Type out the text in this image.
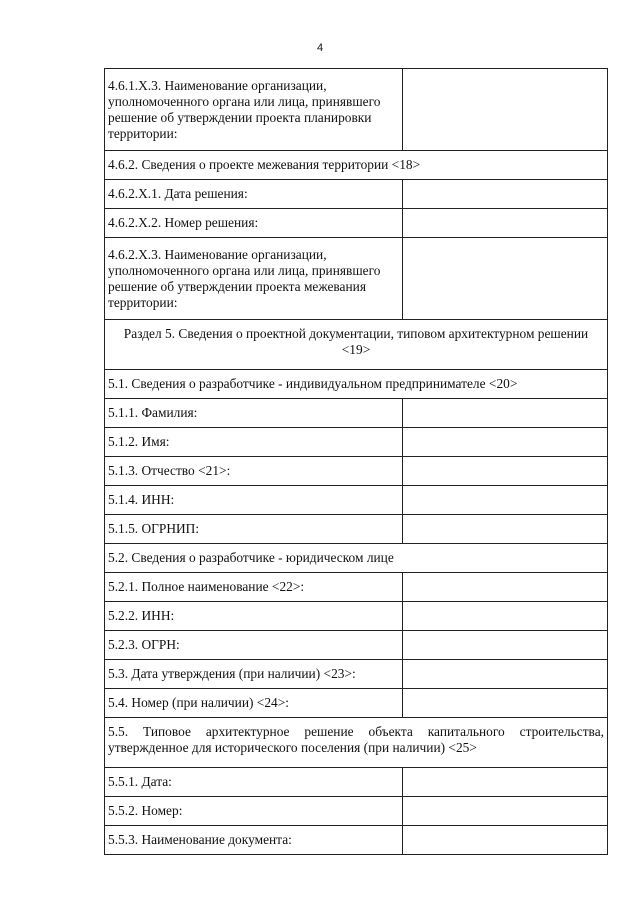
4
4.6.1.Х.3. Наименование организации, уполномоченного органа или лица, принявшего решение об утверждении проекта планировки территории:	
4.6.2. Сведения о проекте межевания территории <18>	
4.6.2.Х.1. Дата решения:	
4.6.2.Х.2. Номер решения:	
4.6.2.Х.3. Наименование организации, уполномоченного органа или лица, принявшего решение об утверждении проекта межевания территории:	
Раздел 5. Сведения о проектной документации, типовом архитектурном решении <19>	
5.1. Сведения о разработчике - индивидуальном предпринимателе <20>	
5.1.1. Фамилия:	
5.1.2. Имя:	
5.1.3. Отчество <21>:	
5.1.4. ИНН:	
5.1.5. ОГРНИП:	
5.2. Сведения о разработчике - юридическом лице	
5.2.1. Полное наименование <22>:	
5.2.2. ИНН:	
5.2.3. ОГРН:	
5.3. Дата утверждения (при наличии) <23>:	
5.4. Номер (при наличии) <24>:	
5.5. Типовое архитектурное решение объекта капитального строительства, утвержденное для исторического поселения (при наличии) <25>	
5.5.1. Дата:	
5.5.2. Номер:	
5.5.3. Наименование документа:	
